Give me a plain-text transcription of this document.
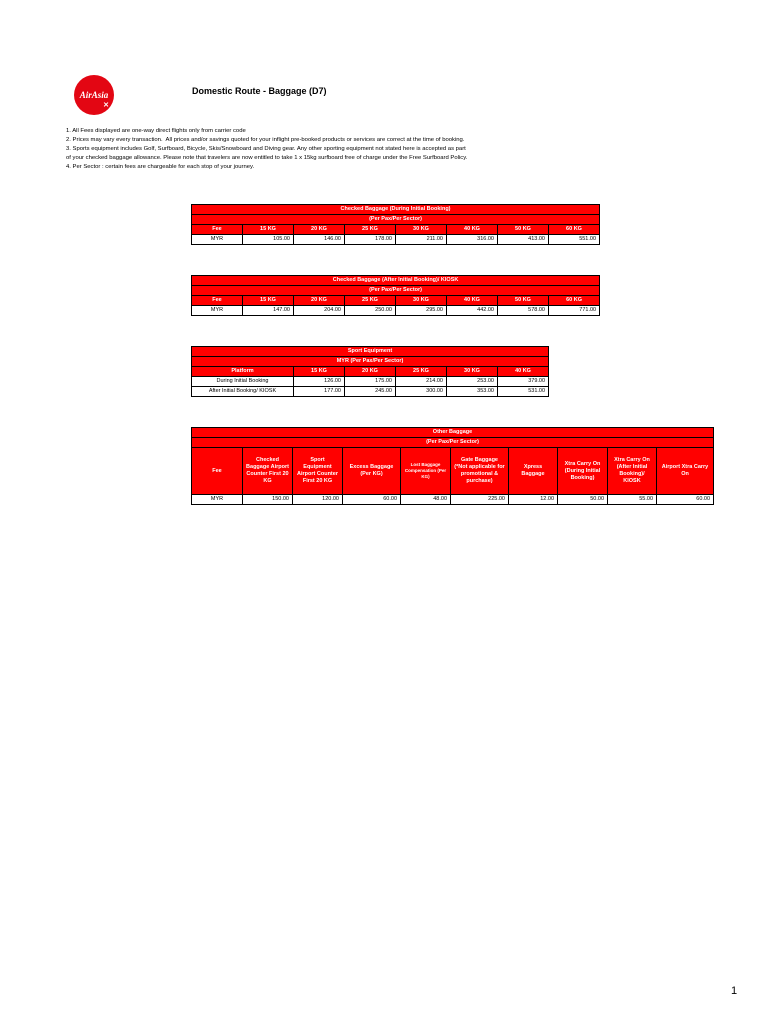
AirAsia
✕
Domestic Route - Baggage (D7)
1. All Fees displayed are one-way direct flights only from carrier code
2. Prices may vary every transaction.  All prices and/or savings quoted for your inflight pre-booked products or services are correct at the time of booking.
3. Sports equipment includes Golf, Surfboard, Bicycle, Skis/Snowboard and Diving gear. Any other sporting equipment not stated here is accepted as part
of your checked baggage allowance. Please note that travelers are now entitled to take 1 x 15kg surfboard free of charge under the Free Surfboard Policy.
4. Per Sector : certain fees are chargeable for each stop of your journey.
Checked Baggage (During Initial Booking)							
(Per Pax/Per Sector)							
Fee	15 KG	20 KG	25 KG	30 KG	40 KG	50 KG	60 KG
MYR	105.00	146.00	178.00	211.00	316.00	413.00	551.00
Checked Baggage (After Initial Booking)/ KIOSK							
(Per Pax/Per Sector)							
Fee	15 KG	20 KG	25 KG	30 KG	40 KG	50 KG	60 KG
MYR	147.00	204.00	250.00	295.00	442.00	578.00	771.00
Sport Equipment					
MYR (Per Pax/Per Sector)					
Platform	15 KG	20 KG	25 KG	30 KG	40 KG
During Initial Booking	126.00	175.00	214.00	253.00	379.00
After Initial Booking/ KIOSK	177.00	245.00	300.00	353.00	531.00
Other Baggage									
(Per Pax/Per Sector)									
Fee	Checked Baggage Airport Counter First 20 KG	Sport Equipment Airport Counter First 20 KG	Excess Baggage (Per KG)	Lost Baggage Compensation (Per KG)	Gate Baggage (*Not applicable for promotional & purchase)	Xpress Baggage	Xtra Carry On (During Initial Booking)	Xtra Carry On (After Initial Booking)/ KIOSK	Airport Xtra Carry On
MYR	150.00	120.00	60.00	48.00	225.00	12.00	50.00	55.00	60.00
1
